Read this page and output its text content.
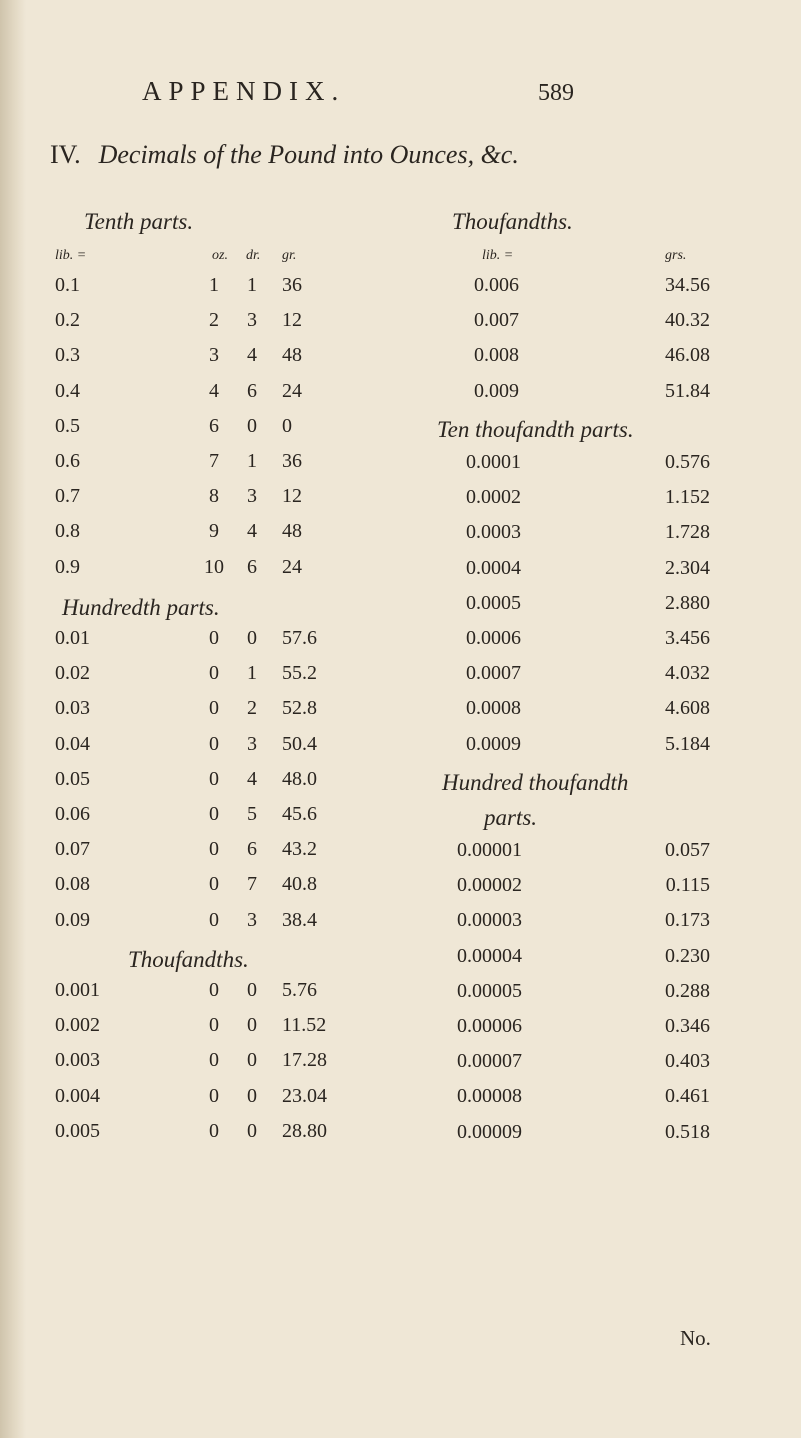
APPENDIX.	589
IV. Decimals of the Pound into Ounces, &c.
Tenth parts.
lib. =	oz. dr. gr.
0.1	1	1	36
0.2	2	3	12
0.3	3	4	48
0.4	4	6	24
0.5	6	0	0
0.6	7	1	36
0.7	8	3	12
0.8	9	4	48
0.9	10	6	24
Hundredth parts.
0.01	0	0	57.6
0.02	0	1	55.2
0.03	0	2	52.8
0.04	0	3	50.4
0.05	0	4	48.0
0.06	0	5	45.6
0.07	0	6	43.2
0.08	0	7	40.8
0.09	0	3	38.4
Thoufandths.
0.001	0	0	5.76
0.002	0	0	11.52
0.003	0	0	17.28
0.004	0	0	23.04
0.005	0	0	28.80
Thoufandths.
lib. =	grs.
0.006	34.56
0.007	40.32
0.008	46.08
0.009	51.84
Ten thoufandth parts.
0.0001	0.576
0.0002	1.152
0.0003	1.728
0.0004	2.304
0.0005	2.880
0.0006	3.456
0.0007	4.032
0.0008	4.608
0.0009	5.184
Hundred thoufandth
parts.
0.00001	0.057
0.00002	0.115
0.00003	0.173
0.00004	0.230
0.00005	0.288
0.00006	0.346
0.00007	0.403
0.00008	0.461
0.00009	0.518
No.
